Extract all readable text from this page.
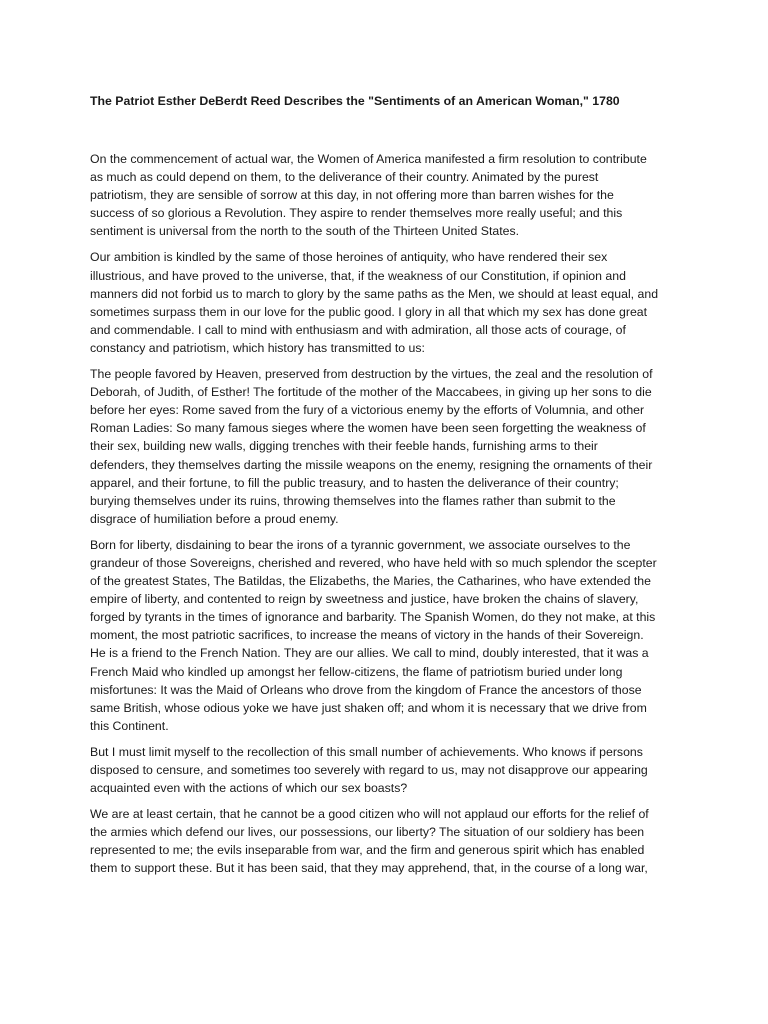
The Patriot Esther DeBerdt Reed Describes the "Sentiments of an American Woman," 1780

On the commencement of actual war, the Women of America manifested a firm resolution to contribute
as much as could depend on them, to the deliverance of their country. Animated by the purest
patriotism, they are sensible of sorrow at this day, in not offering more than barren wishes for the
success of so glorious a Revolution. They aspire to render themselves more really useful; and this
sentiment is universal from the north to the south of the Thirteen United States.

Our ambition is kindled by the same of those heroines of antiquity, who have rendered their sex
illustrious, and have proved to the universe, that, if the weakness of our Constitution, if opinion and
manners did not forbid us to march to glory by the same paths as the Men, we should at least equal, and
sometimes surpass them in our love for the public good. I glory in all that which my sex has done great
and commendable. I call to mind with enthusiasm and with admiration, all those acts of courage, of
constancy and patriotism, which history has transmitted to us:

The people favored by Heaven, preserved from destruction by the virtues, the zeal and the resolution of
Deborah, of Judith, of Esther! The fortitude of the mother of the Maccabees, in giving up her sons to die
before her eyes: Rome saved from the fury of a victorious enemy by the efforts of Volumnia, and other
Roman Ladies: So many famous sieges where the women have been seen forgetting the weakness of
their sex, building new walls, digging trenches with their feeble hands, furnishing arms to their
defenders, they themselves darting the missile weapons on the enemy, resigning the ornaments of their
apparel, and their fortune, to fill the public treasury, and to hasten the deliverance of their country;
burying themselves under its ruins, throwing themselves into the flames rather than submit to the
disgrace of humiliation before a proud enemy.

Born for liberty, disdaining to bear the irons of a tyrannic government, we associate ourselves to the
grandeur of those Sovereigns, cherished and revered, who have held with so much splendor the scepter
of the greatest States, The Batildas, the Elizabeths, the Maries, the Catharines, who have extended the
empire of liberty, and contented to reign by sweetness and justice, have broken the chains of slavery,
forged by tyrants in the times of ignorance and barbarity. The Spanish Women, do they not make, at this
moment, the most patriotic sacrifices, to increase the means of victory in the hands of their Sovereign.
He is a friend to the French Nation. They are our allies. We call to mind, doubly interested, that it was a
French Maid who kindled up amongst her fellow-citizens, the flame of patriotism buried under long
misfortunes: It was the Maid of Orleans who drove from the kingdom of France the ancestors of those
same British, whose odious yoke we have just shaken off; and whom it is necessary that we drive from
this Continent.

But I must limit myself to the recollection of this small number of achievements. Who knows if persons
disposed to censure, and sometimes too severely with regard to us, may not disapprove our appearing
acquainted even with the actions of which our sex boasts?

We are at least certain, that he cannot be a good citizen who will not applaud our efforts for the relief of
the armies which defend our lives, our possessions, our liberty? The situation of our soldiery has been
represented to me; the evils inseparable from war, and the firm and generous spirit which has enabled
them to support these. But it has been said, that they may apprehend, that, in the course of a long war,
